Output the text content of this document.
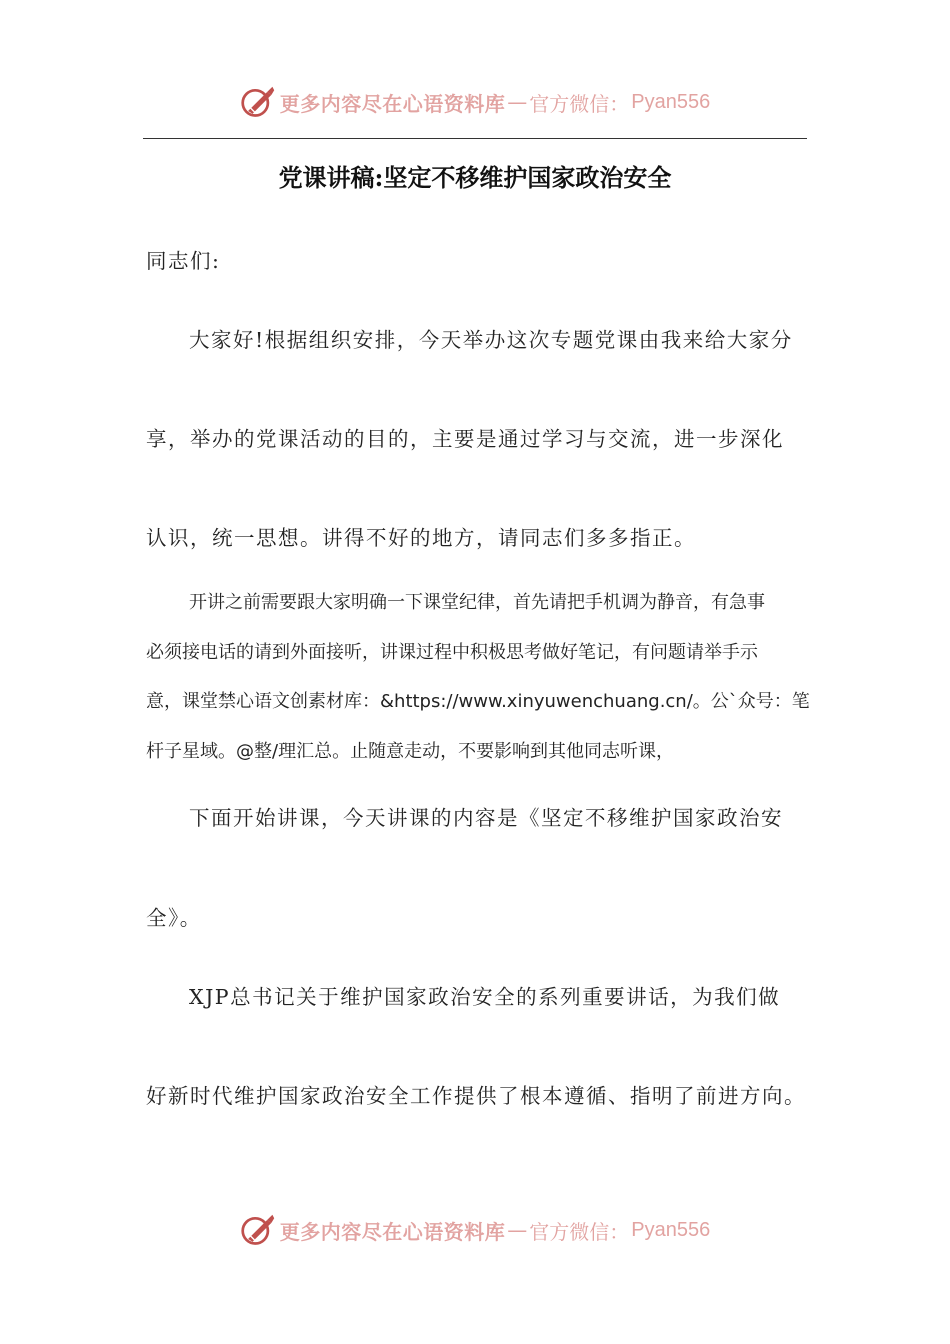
更多内容尽在心语资料库 — 官方微信： Pyan556
党课讲稿:坚定不移维护国家政治安全
同志们:
大家好!根据组织安排，今天举办这次专题党课由我来给大家分
享，举办的党课活动的目的，主要是通过学习与交流，进一步深化
认识，统一思想。讲得不好的地方，请同志们多多指正。
开讲之前需要跟大家明确一下课堂纪律，首先请把手机调为静音，有急事
必须接电话的请到外面接听，讲课过程中积极思考做好笔记，有问题请举手示
意，课堂禁心语文创素材库：&https://www.xinyuwenchuang.cn/。公`众号：笔
杆子星域。@整/理汇总。止随意走动，不要影响到其他同志听课，
下面开始讲课，今天讲课的内容是《坚定不移维护国家政治安
全》。
XJP总书记关于维护国家政治安全的系列重要讲话，为我们做
好新时代维护国家政治安全工作提供了根本遵循、指明了前进方向。
更多内容尽在心语资料库 — 官方微信： Pyan556
